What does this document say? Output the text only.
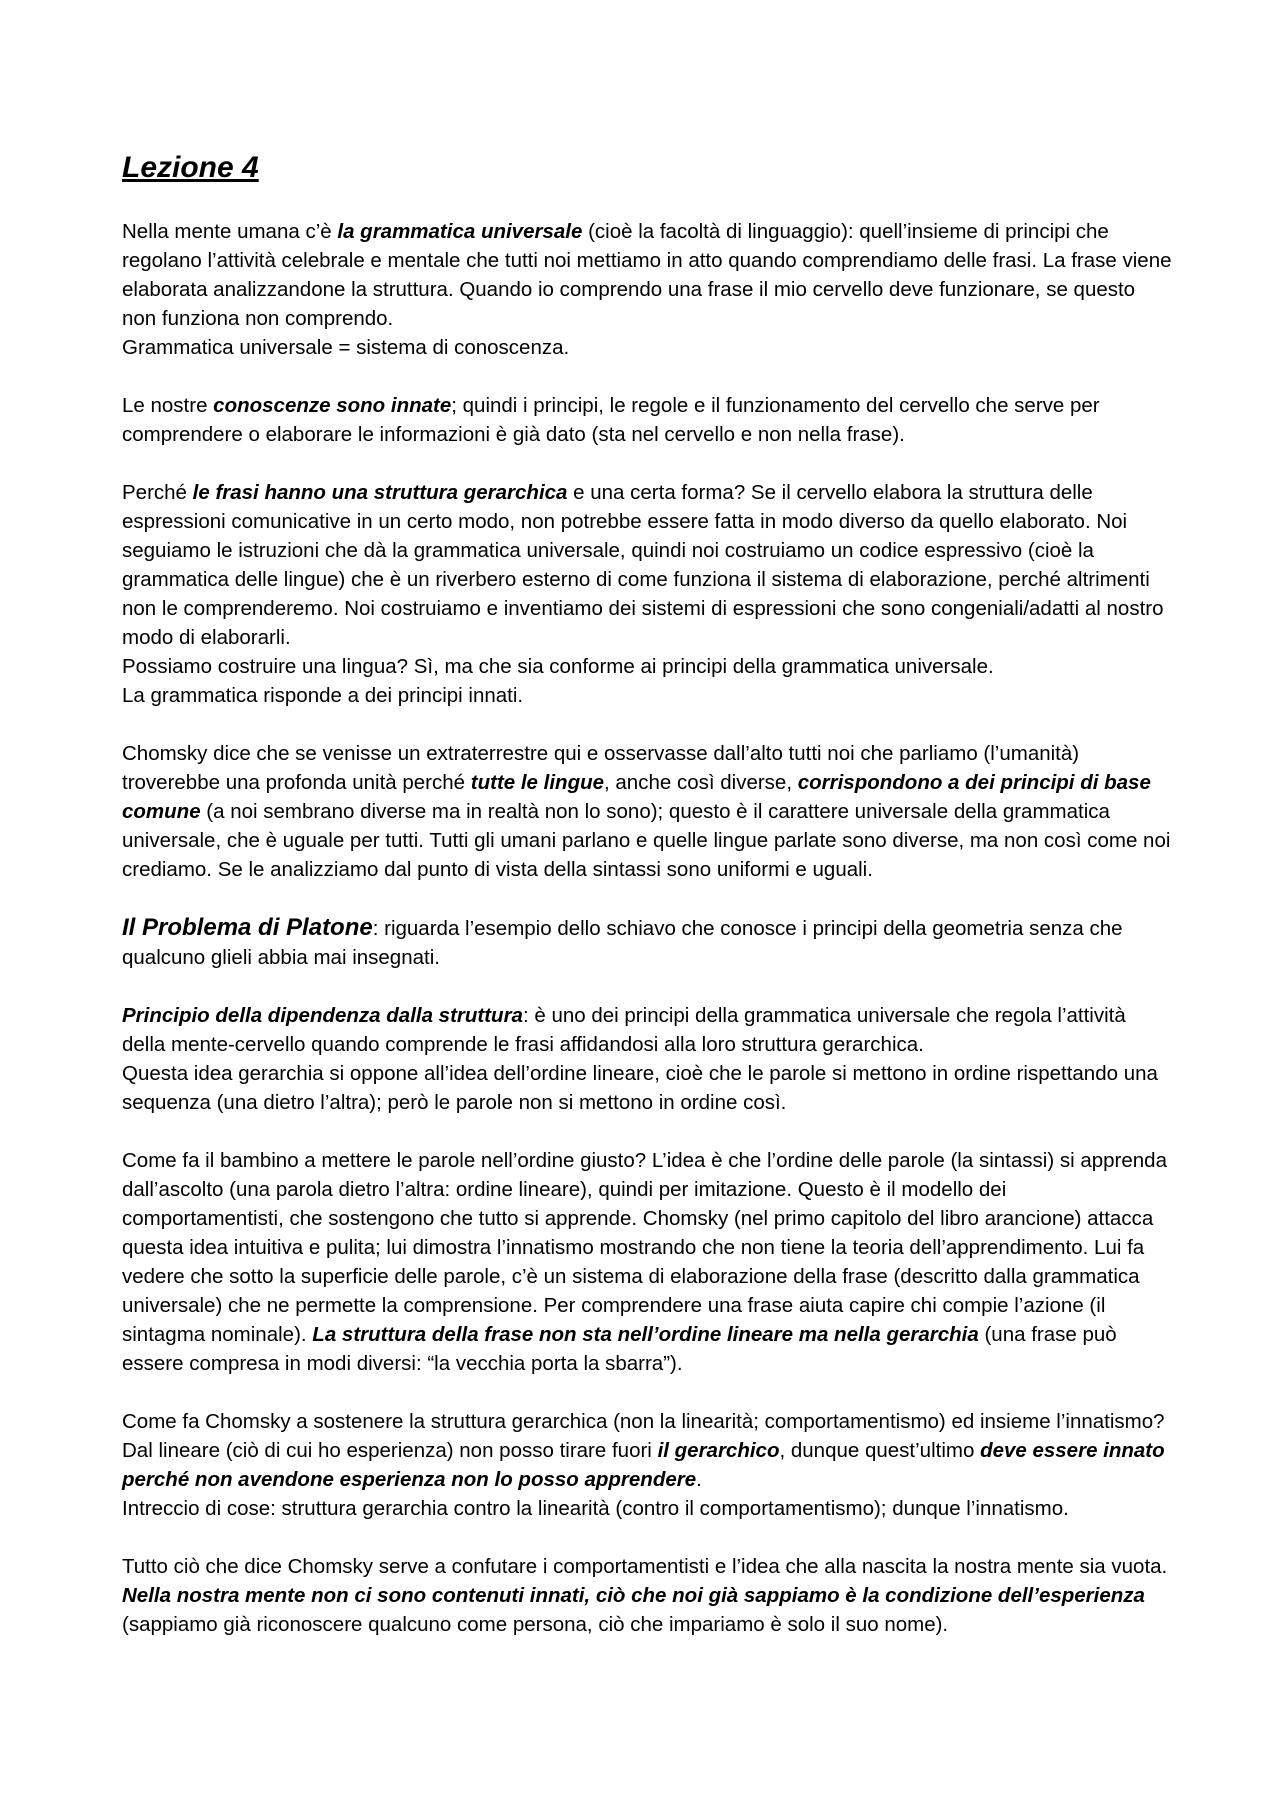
Lezione 4

Nella mente umana c’è la grammatica universale (cioè la facoltà di linguaggio): quell’insieme di principi che regolano l’attività celebrale e mentale che tutti noi mettiamo in atto quando comprendiamo delle frasi. La frase viene elaborata analizzandone la struttura. Quando io comprendo una frase il mio cervello deve funzionare, se questo non funziona non comprendo.

Grammatica universale = sistema di conoscenza.

Le nostre conoscenze sono innate; quindi i principi, le regole e il funzionamento del cervello che serve per comprendere o elaborare le informazioni è già dato (sta nel cervello e non nella frase).

Perché le frasi hanno una struttura gerarchica e una certa forma? Se il cervello elabora la struttura delle espressioni comunicative in un certo modo, non potrebbe essere fatta in modo diverso da quello elaborato. Noi seguiamo le istruzioni che dà la grammatica universale, quindi noi costruiamo un codice espressivo (cioè la grammatica delle lingue) che è un riverbero esterno di come funziona il sistema di elaborazione, perché altrimenti non le comprenderemo. Noi costruiamo e inventiamo dei sistemi di espressioni che sono congeniali/adatti al nostro modo di elaborarli.

Possiamo costruire una lingua? Sì, ma che sia conforme ai principi della grammatica universale.

La grammatica risponde a dei principi innati.

Chomsky dice che se venisse un extraterrestre qui e osservasse dall’alto tutti noi che parliamo (l’umanità) troverebbe una profonda unità perché tutte le lingue, anche così diverse, corrispondono a dei principi di base comune (a noi sembrano diverse ma in realtà non lo sono); questo è il carattere universale della grammatica universale, che è uguale per tutti. Tutti gli umani parlano e quelle lingue parlate sono diverse, ma non così come noi crediamo. Se le analizziamo dal punto di vista della sintassi sono uniformi e uguali.

Il Problema di Platone: riguarda l’esempio dello schiavo che conosce i principi della geometria senza che qualcuno glieli abbia mai insegnati.

Principio della dipendenza dalla struttura: è uno dei principi della grammatica universale che regola l’attività della mente-cervello quando comprende le frasi affidandosi alla loro struttura gerarchica.

Questa idea gerarchia si oppone all’idea dell’ordine lineare, cioè che le parole si mettono in ordine rispettando una sequenza (una dietro l’altra); però le parole non si mettono in ordine così.

Come fa il bambino a mettere le parole nell’ordine giusto? L’idea è che l’ordine delle parole (la sintassi) si apprenda dall’ascolto (una parola dietro l’altra: ordine lineare), quindi per imitazione. Questo è il modello dei comportamentisti, che sostengono che tutto si apprende. Chomsky (nel primo capitolo del libro arancione) attacca questa idea intuitiva e pulita; lui dimostra l’innatismo mostrando che non tiene la teoria dell’apprendimento. Lui fa vedere che sotto la superficie delle parole, c’è un sistema di elaborazione della frase (descritto dalla grammatica universale) che ne permette la comprensione. Per comprendere una frase aiuta capire chi compie l’azione (il sintagma nominale). La struttura della frase non sta nell’ordine lineare ma nella gerarchia (una frase può essere compresa in modi diversi: “la vecchia porta la sbarra”).

Come fa Chomsky a sostenere la struttura gerarchica (non la linearità; comportamentismo) ed insieme l’innatismo? Dal lineare (ciò di cui ho esperienza) non posso tirare fuori il gerarchico, dunque quest’ultimo deve essere innato perché non avendone esperienza non lo posso apprendere.

Intreccio di cose: struttura gerarchia contro la linearità (contro il comportamentismo); dunque l’innatismo.

Tutto ciò che dice Chomsky serve a confutare i comportamentisti e l’idea che alla nascita la nostra mente sia vuota. Nella nostra mente non ci sono contenuti innati, ciò che noi già sappiamo è la condizione dell’esperienza (sappiamo già riconoscere qualcuno come persona, ciò che impariamo è solo il suo nome).
